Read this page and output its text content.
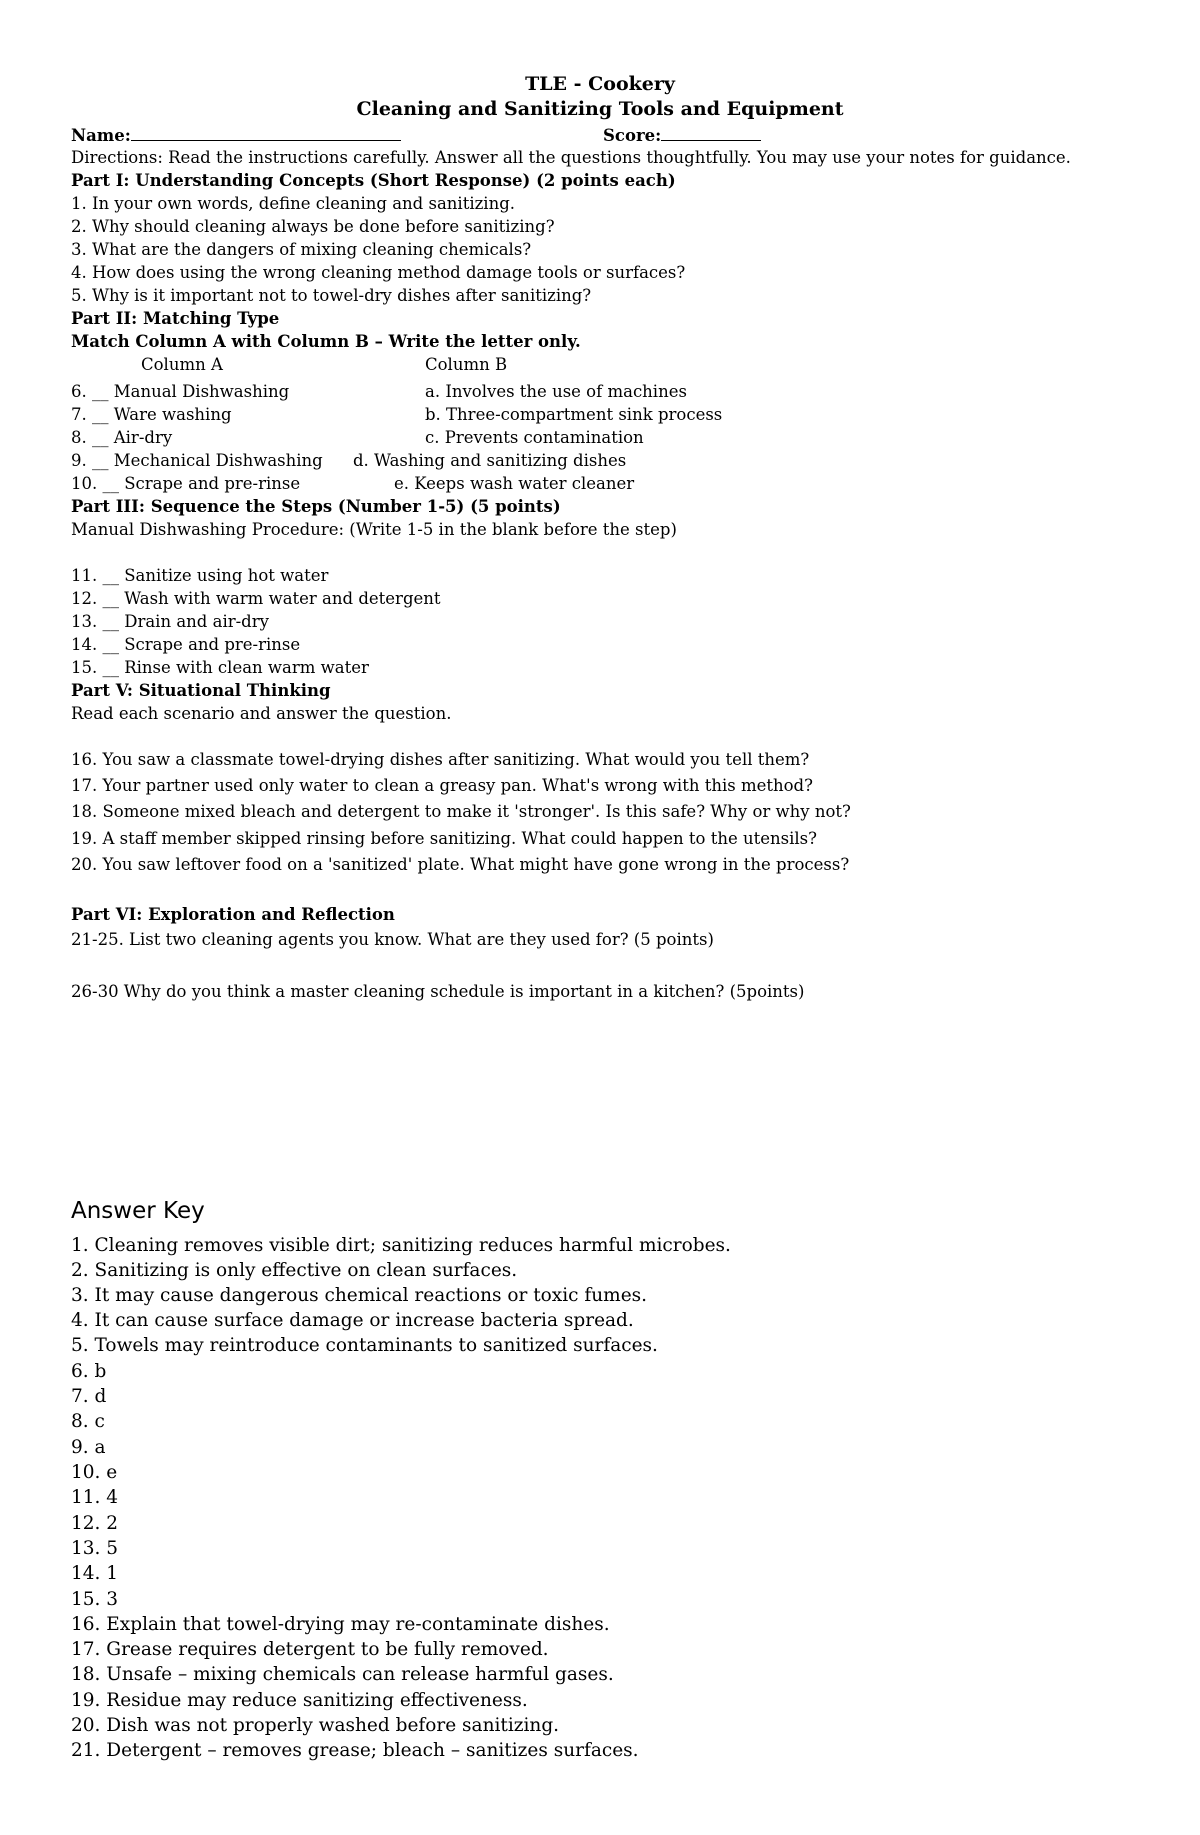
TLE - Cookery
Cleaning and Sanitizing Tools and Equipment
Name:	Score:
Directions: Read the instructions carefully. Answer all the questions thoughtfully. You may use your notes for guidance.
Part I: Understanding Concepts (Short Response) (2 points each)
1. In your own words, define cleaning and sanitizing.
2. Why should cleaning always be done before sanitizing?
3. What are the dangers of mixing cleaning chemicals?
4. How does using the wrong cleaning method damage tools or surfaces?
5. Why is it important not to towel-dry dishes after sanitizing?
Part II: Matching Type
Match Column A with Column B – Write the letter only.
Column A	Column B
6. __ Manual Dishwashing	a. Involves the use of machines
7. __ Ware washing	b. Three-compartment sink process
8. __ Air-dry	c. Prevents contamination
9. __ Mechanical Dishwashing d. Washing and sanitizing dishes
10. __ Scrape and pre-rinse	e. Keeps wash water cleaner
Part III: Sequence the Steps (Number 1-5) (5 points)
Manual Dishwashing Procedure: (Write 1-5 in the blank before the step)
11. __ Sanitize using hot water
12. __ Wash with warm water and detergent
13. __ Drain and air-dry
14. __ Scrape and pre-rinse
15. __ Rinse with clean warm water
Part V: Situational Thinking
Read each scenario and answer the question.
16. You saw a classmate towel-drying dishes after sanitizing. What would you tell them?
17. Your partner used only water to clean a greasy pan. What's wrong with this method?
18. Someone mixed bleach and detergent to make it 'stronger'. Is this safe? Why or why not?
19. A staff member skipped rinsing before sanitizing. What could happen to the utensils?
20. You saw leftover food on a 'sanitized' plate. What might have gone wrong in the process?
Part VI: Exploration and Reflection
21-25. List two cleaning agents you know. What are they used for? (5 points)
26-30 Why do you think a master cleaning schedule is important in a kitchen? (5points)
Answer Key
1. Cleaning removes visible dirt; sanitizing reduces harmful microbes.
2. Sanitizing is only effective on clean surfaces.
3. It may cause dangerous chemical reactions or toxic fumes.
4. It can cause surface damage or increase bacteria spread.
5. Towels may reintroduce contaminants to sanitized surfaces.
6. b
7. d
8. c
9. a
10. e
11. 4
12. 2
13. 5
14. 1
15. 3
16. Explain that towel-drying may re-contaminate dishes.
17. Grease requires detergent to be fully removed.
18. Unsafe – mixing chemicals can release harmful gases.
19. Residue may reduce sanitizing effectiveness.
20. Dish was not properly washed before sanitizing.
21. Detergent – removes grease; bleach – sanitizes surfaces.
